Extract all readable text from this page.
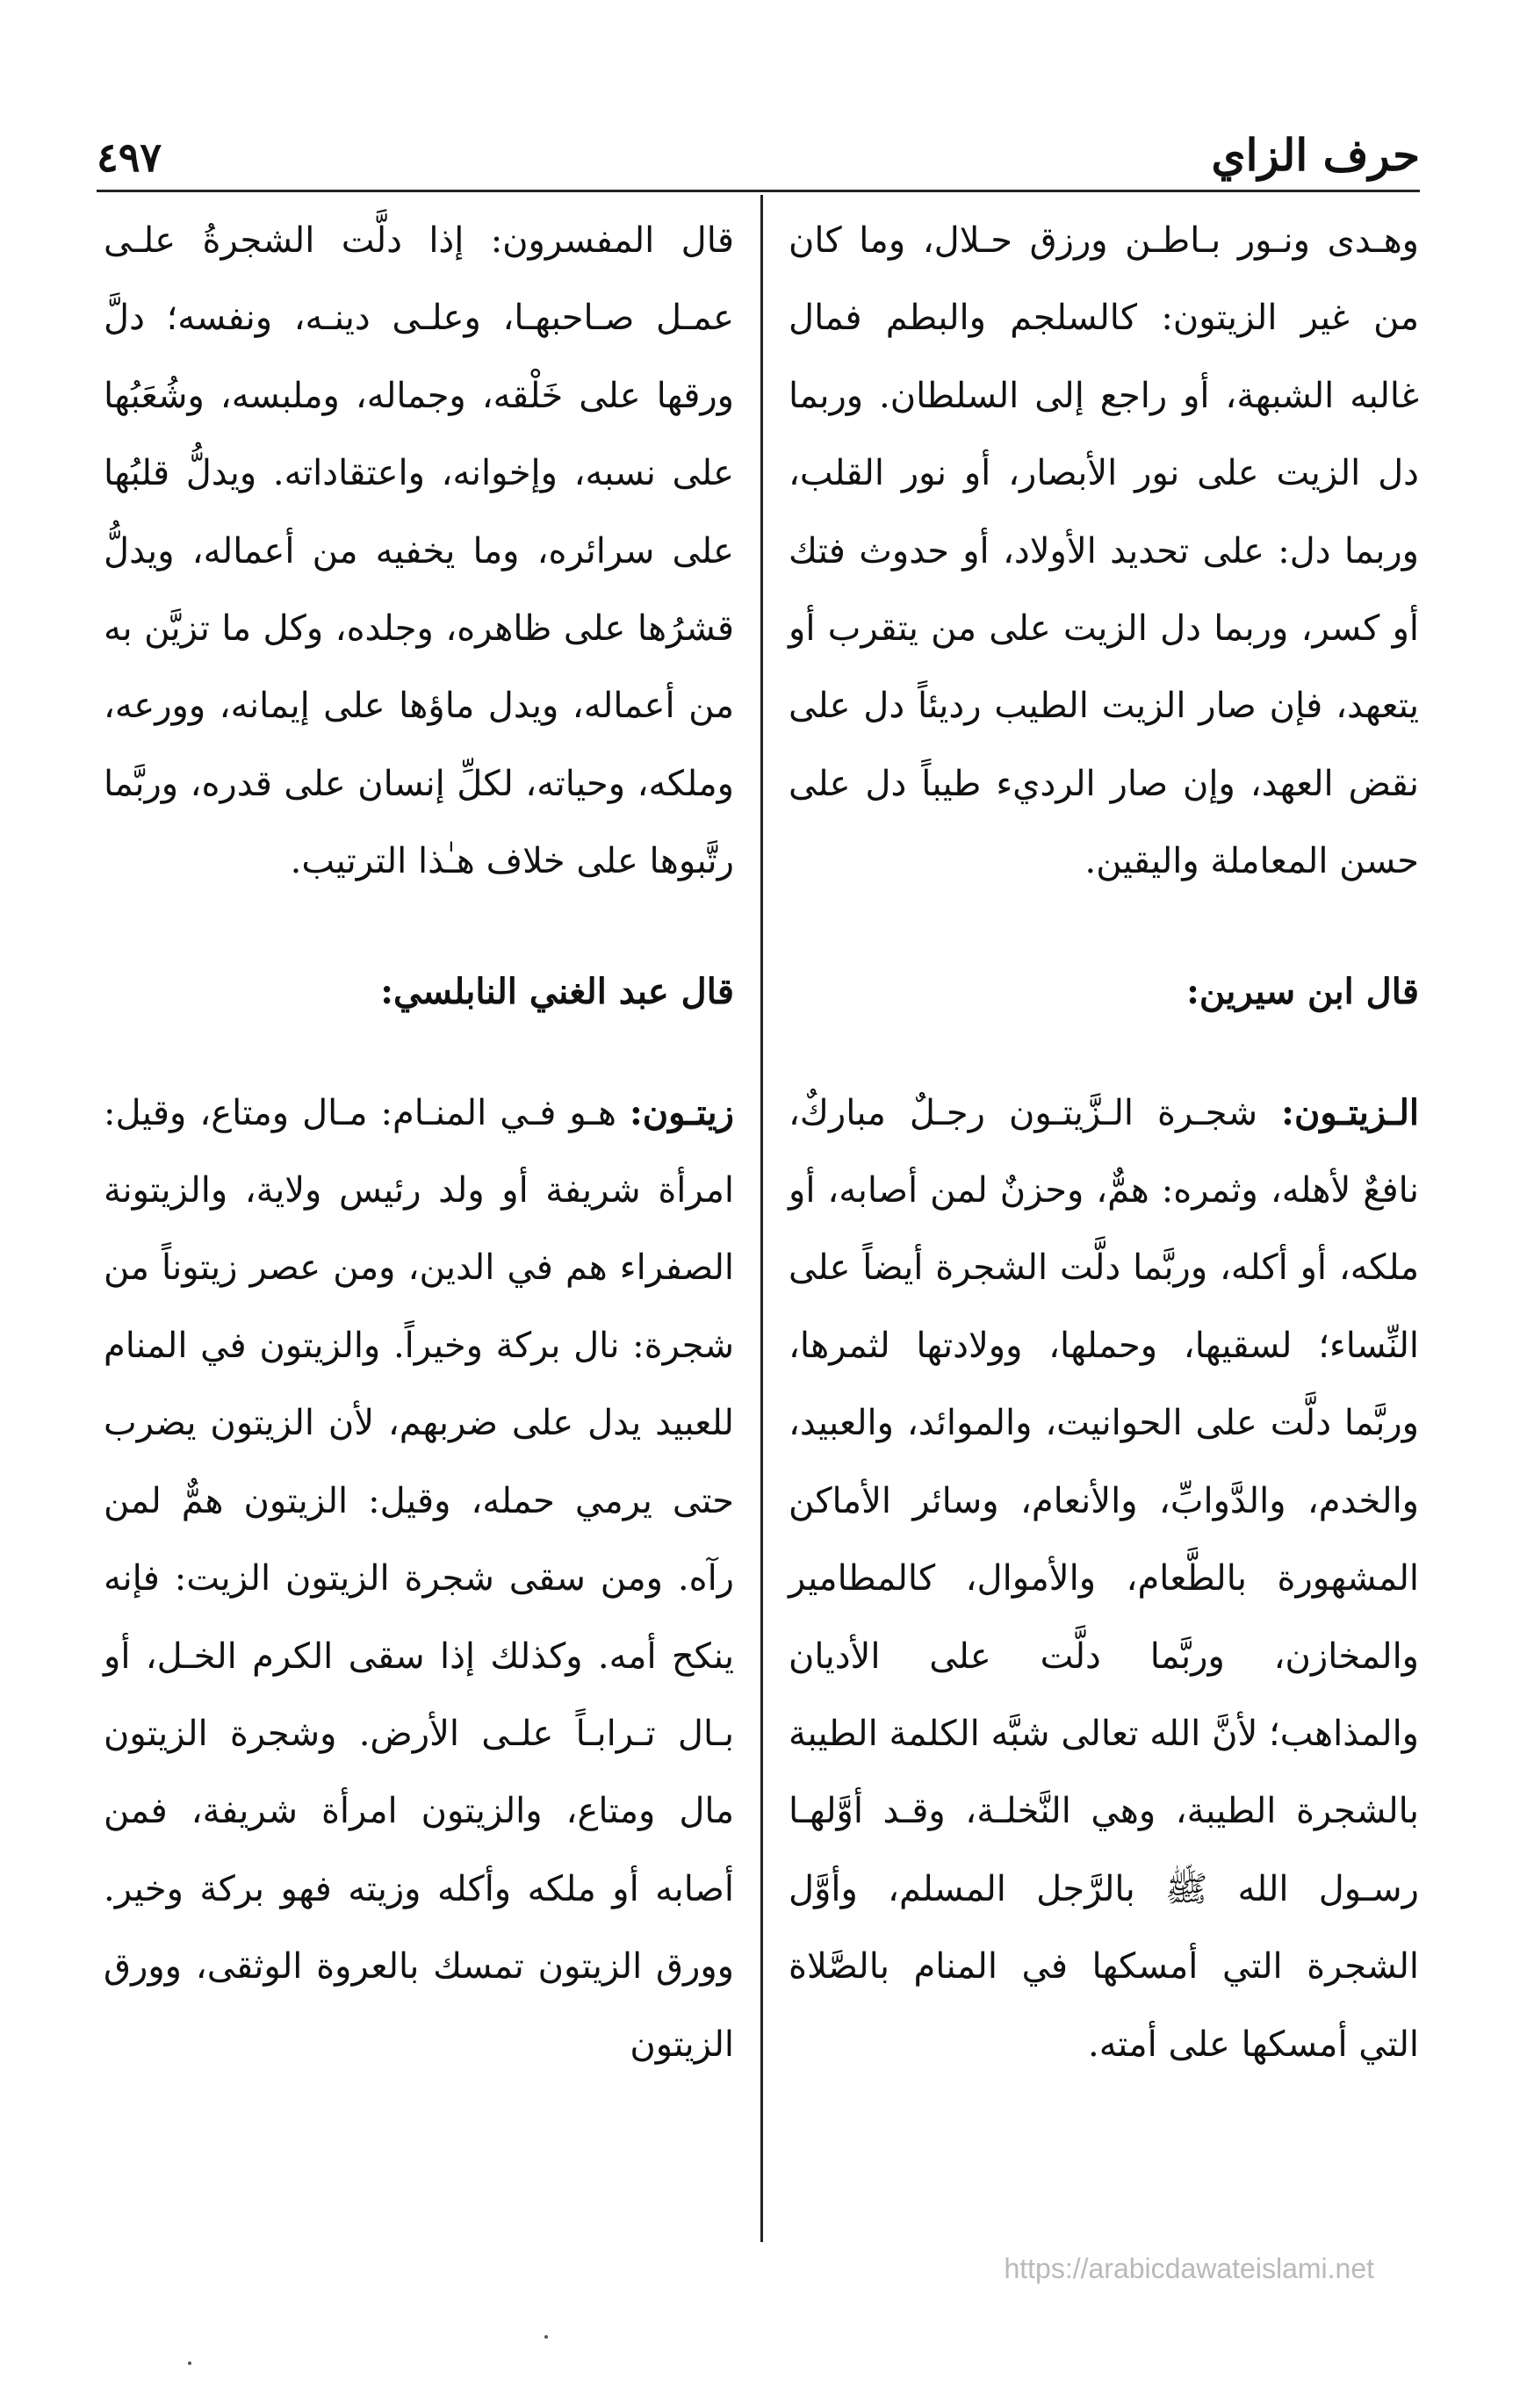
حرف الزاي
٤٩٧

وهـدى ونـور بـاطـن ورزق حـلال، وما كان من غير الزيتون: كالسلجم والبطم فمال غالبه الشبهة، أو راجع إلى السلطان. وربما دل الزيت على نور الأبصار، أو نور القلب، وربما دل: على تحديد الأولاد، أو حدوث فتك أو كسر، وربما دل الزيت على من يتقرب أو يتعهد، فإن صار الزيت الطيب رديئاً دل على نقض العهد، وإن صار الرديء طيباً دل على حسن المعاملة واليقين.

قال ابن سيرين:

الـزيتـون: شجـرة الـزَّيتـون رجـلٌ مباركٌ، نافعٌ لأهله، وثمره: همٌّ، وحزنٌ لمن أصابه، أو ملكه، أو أكله، وربَّما دلَّت الشجرة أيضاً على النِّساء؛ لسقيها، وحملها، وولادتها لثمرها، وربَّما دلَّت على الحوانيت، والموائد، والعبيد، والخدم، والدَّوابِّ، والأنعام، وسائر الأماكن المشهورة بالطَّعام، والأموال، كالمطامير والمخازن، وربَّما دلَّت على الأديان والمذاهب؛ لأنَّ الله تعالى شبَّه الكلمة الطيبة بالشجرة الطيبة، وهي النَّخلـة، وقـد أوَّلهـا رسـول الله ﷺ بالرَّجل المسلم، وأوَّل الشجرة التي أمسكها في المنام بالصَّلاة التي أمسكها على أمته.

قال المفسرون: إذا دلَّت الشجرةُ علـى عمـل صـاحبهـا، وعلـى دينـه، ونفسه؛ دلَّ ورقها على خَلْقه، وجماله، وملبسه، وشُعَبُها على نسبه، وإخوانه، واعتقاداته. ويدلُّ قلبُها على سرائره، وما يخفيه من أعماله، ويدلُّ قشرُها على ظاهره، وجلده، وكل ما تزيَّن به من أعماله، ويدل ماؤها على إيمانه، وورعه، وملكه، وحياته، لكلِّ إنسان على قدره، وربَّما رتَّبوها على خلاف هـٰذا الترتيب.

قال عبد الغني النابلسي:

زيتـون: هـو فـي المنـام: مـال ومتاع، وقيل: امرأة شريفة أو ولد رئيس ولاية، والزيتونة الصفراء هم في الدين، ومن عصر زيتوناً من شجرة: نال بركة وخيراً. والزيتون في المنام للعبيد يدل على ضربهم، لأن الزيتون يضرب حتى يرمي حمله، وقيل: الزيتون همٌّ لمن رآه. ومن سقى شجرة الزيتون الزيت: فإنه ينكح أمه. وكذلك إذا سقى الكرم الخـل، أو بـال تـرابـاً علـى الأرض. وشجرة الزيتون مال ومتاع، والزيتون امرأة شريفة، فمن أصابه أو ملكه وأكله وزيته فهو بركة وخير. وورق الزيتون تمسك بالعروة الوثقى، وورق الزيتون

https://arabicdawateislami.net
